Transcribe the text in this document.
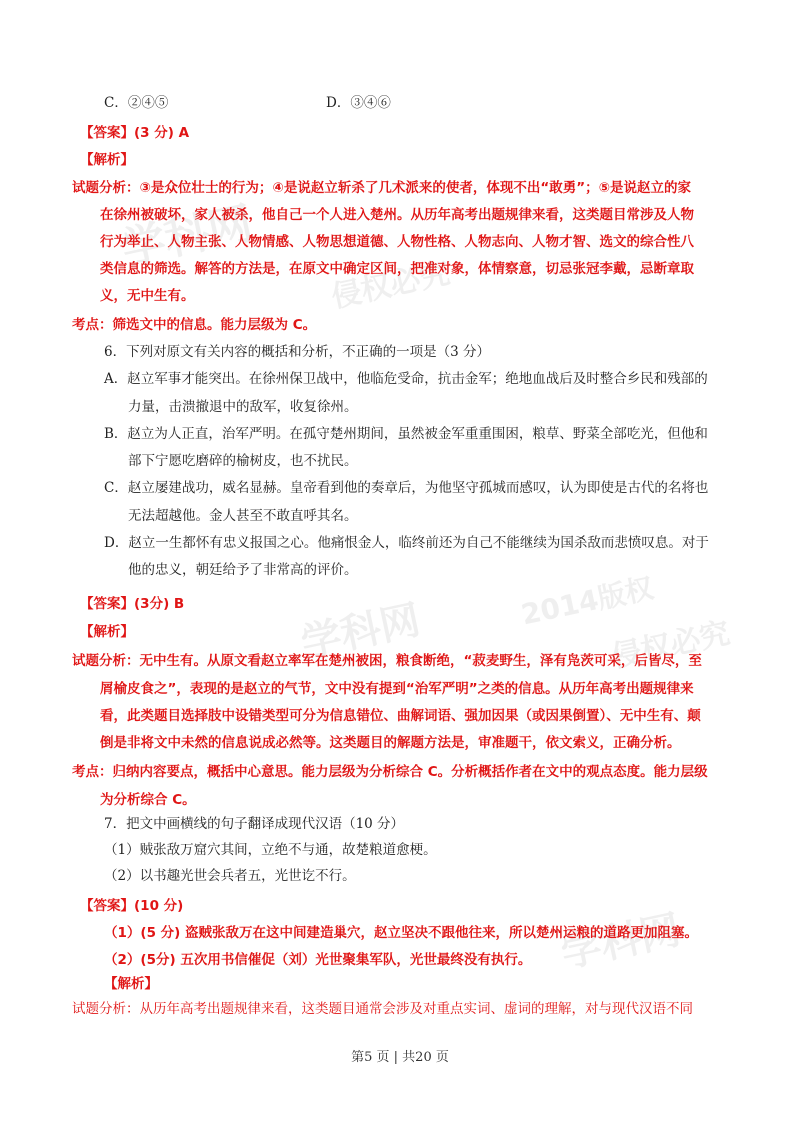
学科网
侵权必究
2014版权
学科网	侵权必究
学科网
C．②④⑤	D．③④⑥
【答案】(3 分) A
【解析】
试题分析：③是众位壮士的行为；④是说赵立斩杀了几术派来的使者，体现不出“敢勇”；⑤是说赵立的家
在徐州被破坏，家人被杀，他自己一个人进入楚州。从历年高考出题规律来看，这类题目常涉及人物
行为举止、人物主张、人物情感、人物思想道德、人物性格、人物志向、人物才智、选文的综合性八
类信息的筛选。解答的方法是，在原文中确定区间，把准对象，体情察意，切忌张冠李戴，忌断章取
义，无中生有。
考点：筛选文中的信息。能力层级为 C。
6．下列对原文有关内容的概括和分析，不正确的一项是（3 分）
A．赵立军事才能突出。在徐州保卫战中，他临危受命，抗击金军；绝地血战后及时整合乡民和残部的
力量，击溃撤退中的敌军，收复徐州。
B．赵立为人正直，治军严明。在孤守楚州期间，虽然被金军重重围困，粮草、野菜全部吃光，但他和
部下宁愿吃磨碎的榆树皮，也不扰民。
C．赵立屡建战功，威名显赫。皇帝看到他的奏章后，为他坚守孤城而感叹，认为即使是古代的名将也
无法超越他。金人甚至不敢直呼其名。
D．赵立一生都怀有忠义报国之心。他痛恨金人，临终前还为自己不能继续为国杀敌而悲愤叹息。对于
他的忠义，朝廷给予了非常高的评价。
【答案】(3分) B
【解析】
试题分析：无中生有。从原文看赵立率军在楚州被困，粮食断绝，“菽麦野生，泽有凫茨可采，后皆尽，至
屑榆皮食之”，表现的是赵立的气节，文中没有提到“治军严明”之类的信息。从历年高考出题规律来
看，此类题目选择肢中设错类型可分为信息错位、曲解词语、强加因果（或因果倒置）、无中生有、颠
倒是非将文中未然的信息说成必然等。这类题目的解题方法是，审准题干，依文索义，正确分析。
考点：归纳内容要点，概括中心意思。能力层级为分析综合 C。分析概括作者在文中的观点态度。能力层级
为分析综合 C。
7．把文中画横线的句子翻译成现代汉语（10 分）
（1）贼张敌万窟穴其间，立绝不与通，故楚粮道愈梗。
（2）以书趣光世会兵者五，光世讫不行。
【答案】(10 分)
（1）(5 分) 盗贼张敌万在这中间建造巢穴，赵立坚决不跟他往来，所以楚州运粮的道路更加阻塞。
（2）(5分) 五次用书信催促（刘）光世聚集军队，光世最终没有执行。
【解析】
试题分析：从历年高考出题规律来看，这类题目通常会涉及对重点实词、虚词的理解，对与现代汉语不同
第5 页 | 共20 页
